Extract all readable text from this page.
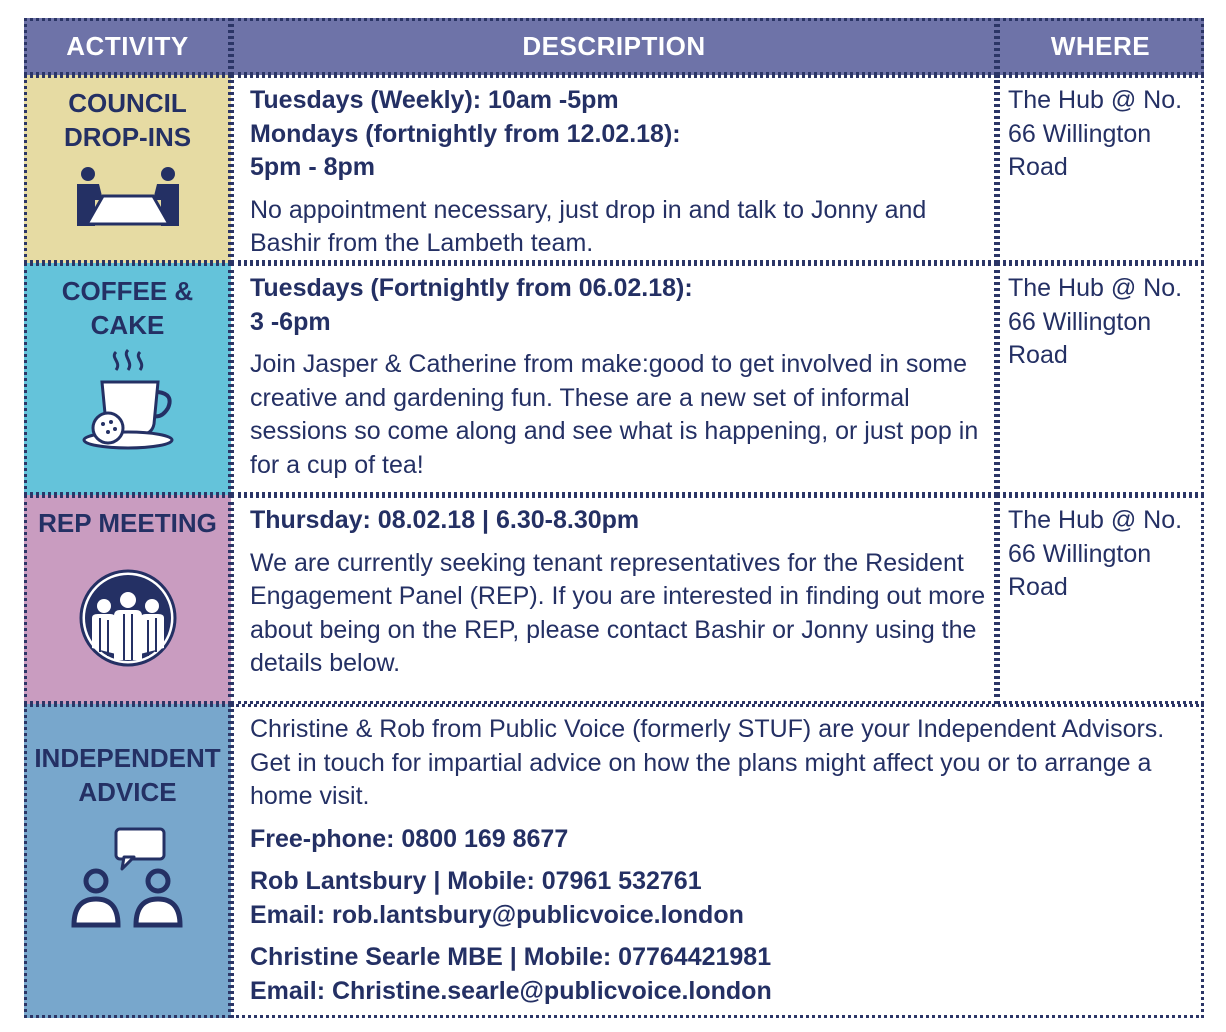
ACTIVITY	DESCRIPTION	WHERE
COUNCIL
DROP-INS
Tuesdays (Weekly): 10am -5pm
Mondays (fortnightly from 12.02.18):
5pm - 8pm
No appointment necessary, just drop in and talk to Jonny and Bashir from the Lambeth team.
The Hub @ No.
66 Willington
Road
COFFEE &
CAKE
Tuesdays (Fortnightly from 06.02.18):
3 -6pm
Join Jasper & Catherine from make:good to get involved in some creative and gardening fun. These are a new set of informal sessions so come along and see what is happening, or just pop in for a cup of tea!
The Hub @ No.
66 Willington
Road
REP MEETING Thursday: 08.02.18 | 6.30-8.30pm
We are currently seeking tenant representatives for the Resident Engagement Panel (REP). If you are interested in finding out more about being on the REP, please contact Bashir or Jonny using the details below.
The Hub @ No.
66 Willington
Road
INDEPENDENT
ADVICE
Christine & Rob from Public Voice (formerly STUF) are your Independent Advisors. Get in touch for impartial advice on how the plans might affect you or to arrange a home visit.
Free-phone: 0800 169 8677
Rob Lantsbury | Mobile: 07961 532761
Email: rob.lantsbury@publicvoice.london
Christine Searle MBE | Mobile: 07764421981
Email: Christine.searle@publicvoice.london
